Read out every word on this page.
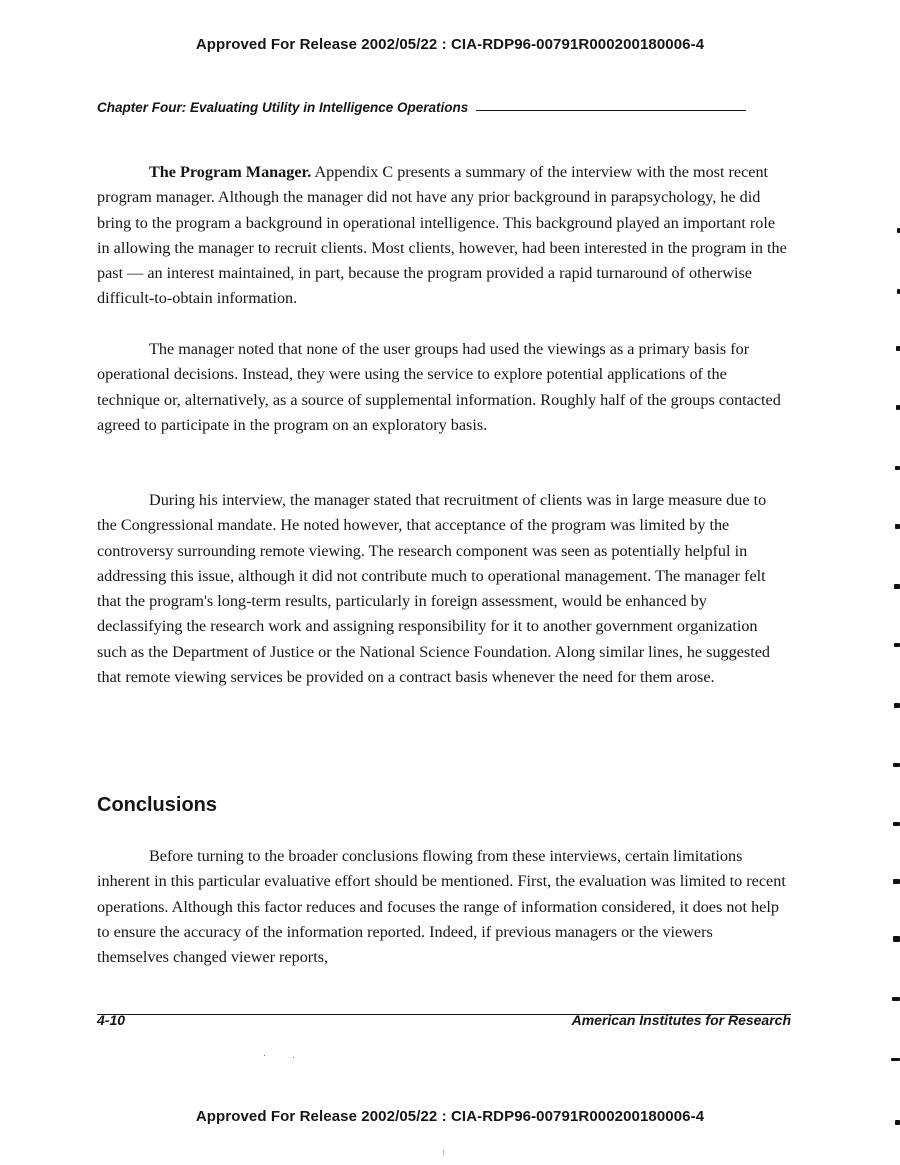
Approved For Release 2002/05/22 : CIA-RDP96-00791R000200180006-4
Chapter Four: Evaluating Utility in Intelligence Operations

The Program Manager. Appendix C presents a summary of the interview with the most recent program manager. Although the manager did not have any prior background in parapsychology, he did bring to the program a background in operational intelligence. This background played an important role in allowing the manager to recruit clients. Most clients, however, had been interested in the program in the past — an interest maintained, in part, because the program provided a rapid turnaround of otherwise difficult-to-obtain information.

The manager noted that none of the user groups had used the viewings as a primary basis for operational decisions. Instead, they were using the service to explore potential applications of the technique or, alternatively, as a source of supplemental information. Roughly half of the groups contacted agreed to participate in the program on an exploratory basis.

During his interview, the manager stated that recruitment of clients was in large measure due to the Congressional mandate. He noted however, that acceptance of the program was limited by the controversy surrounding remote viewing. The research component was seen as potentially helpful in addressing this issue, although it did not contribute much to operational management. The manager felt that the program's long-term results, particularly in foreign assessment, would be enhanced by declassifying the research work and assigning responsibility for it to another government organization such as the Department of Justice or the National Science Foundation. Along similar lines, he suggested that remote viewing services be provided on a contract basis whenever the need for them arose.

Conclusions

Before turning to the broader conclusions flowing from these interviews, certain limitations inherent in this particular evaluative effort should be mentioned. First, the evaluation was limited to recent operations. Although this factor reduces and focuses the range of information considered, it does not help to ensure the accuracy of the information reported. Indeed, if previous managers or the viewers themselves changed viewer reports,

4-10	American Institutes for Research
Approved For Release 2002/05/22 : CIA-RDP96-00791R000200180006-4
